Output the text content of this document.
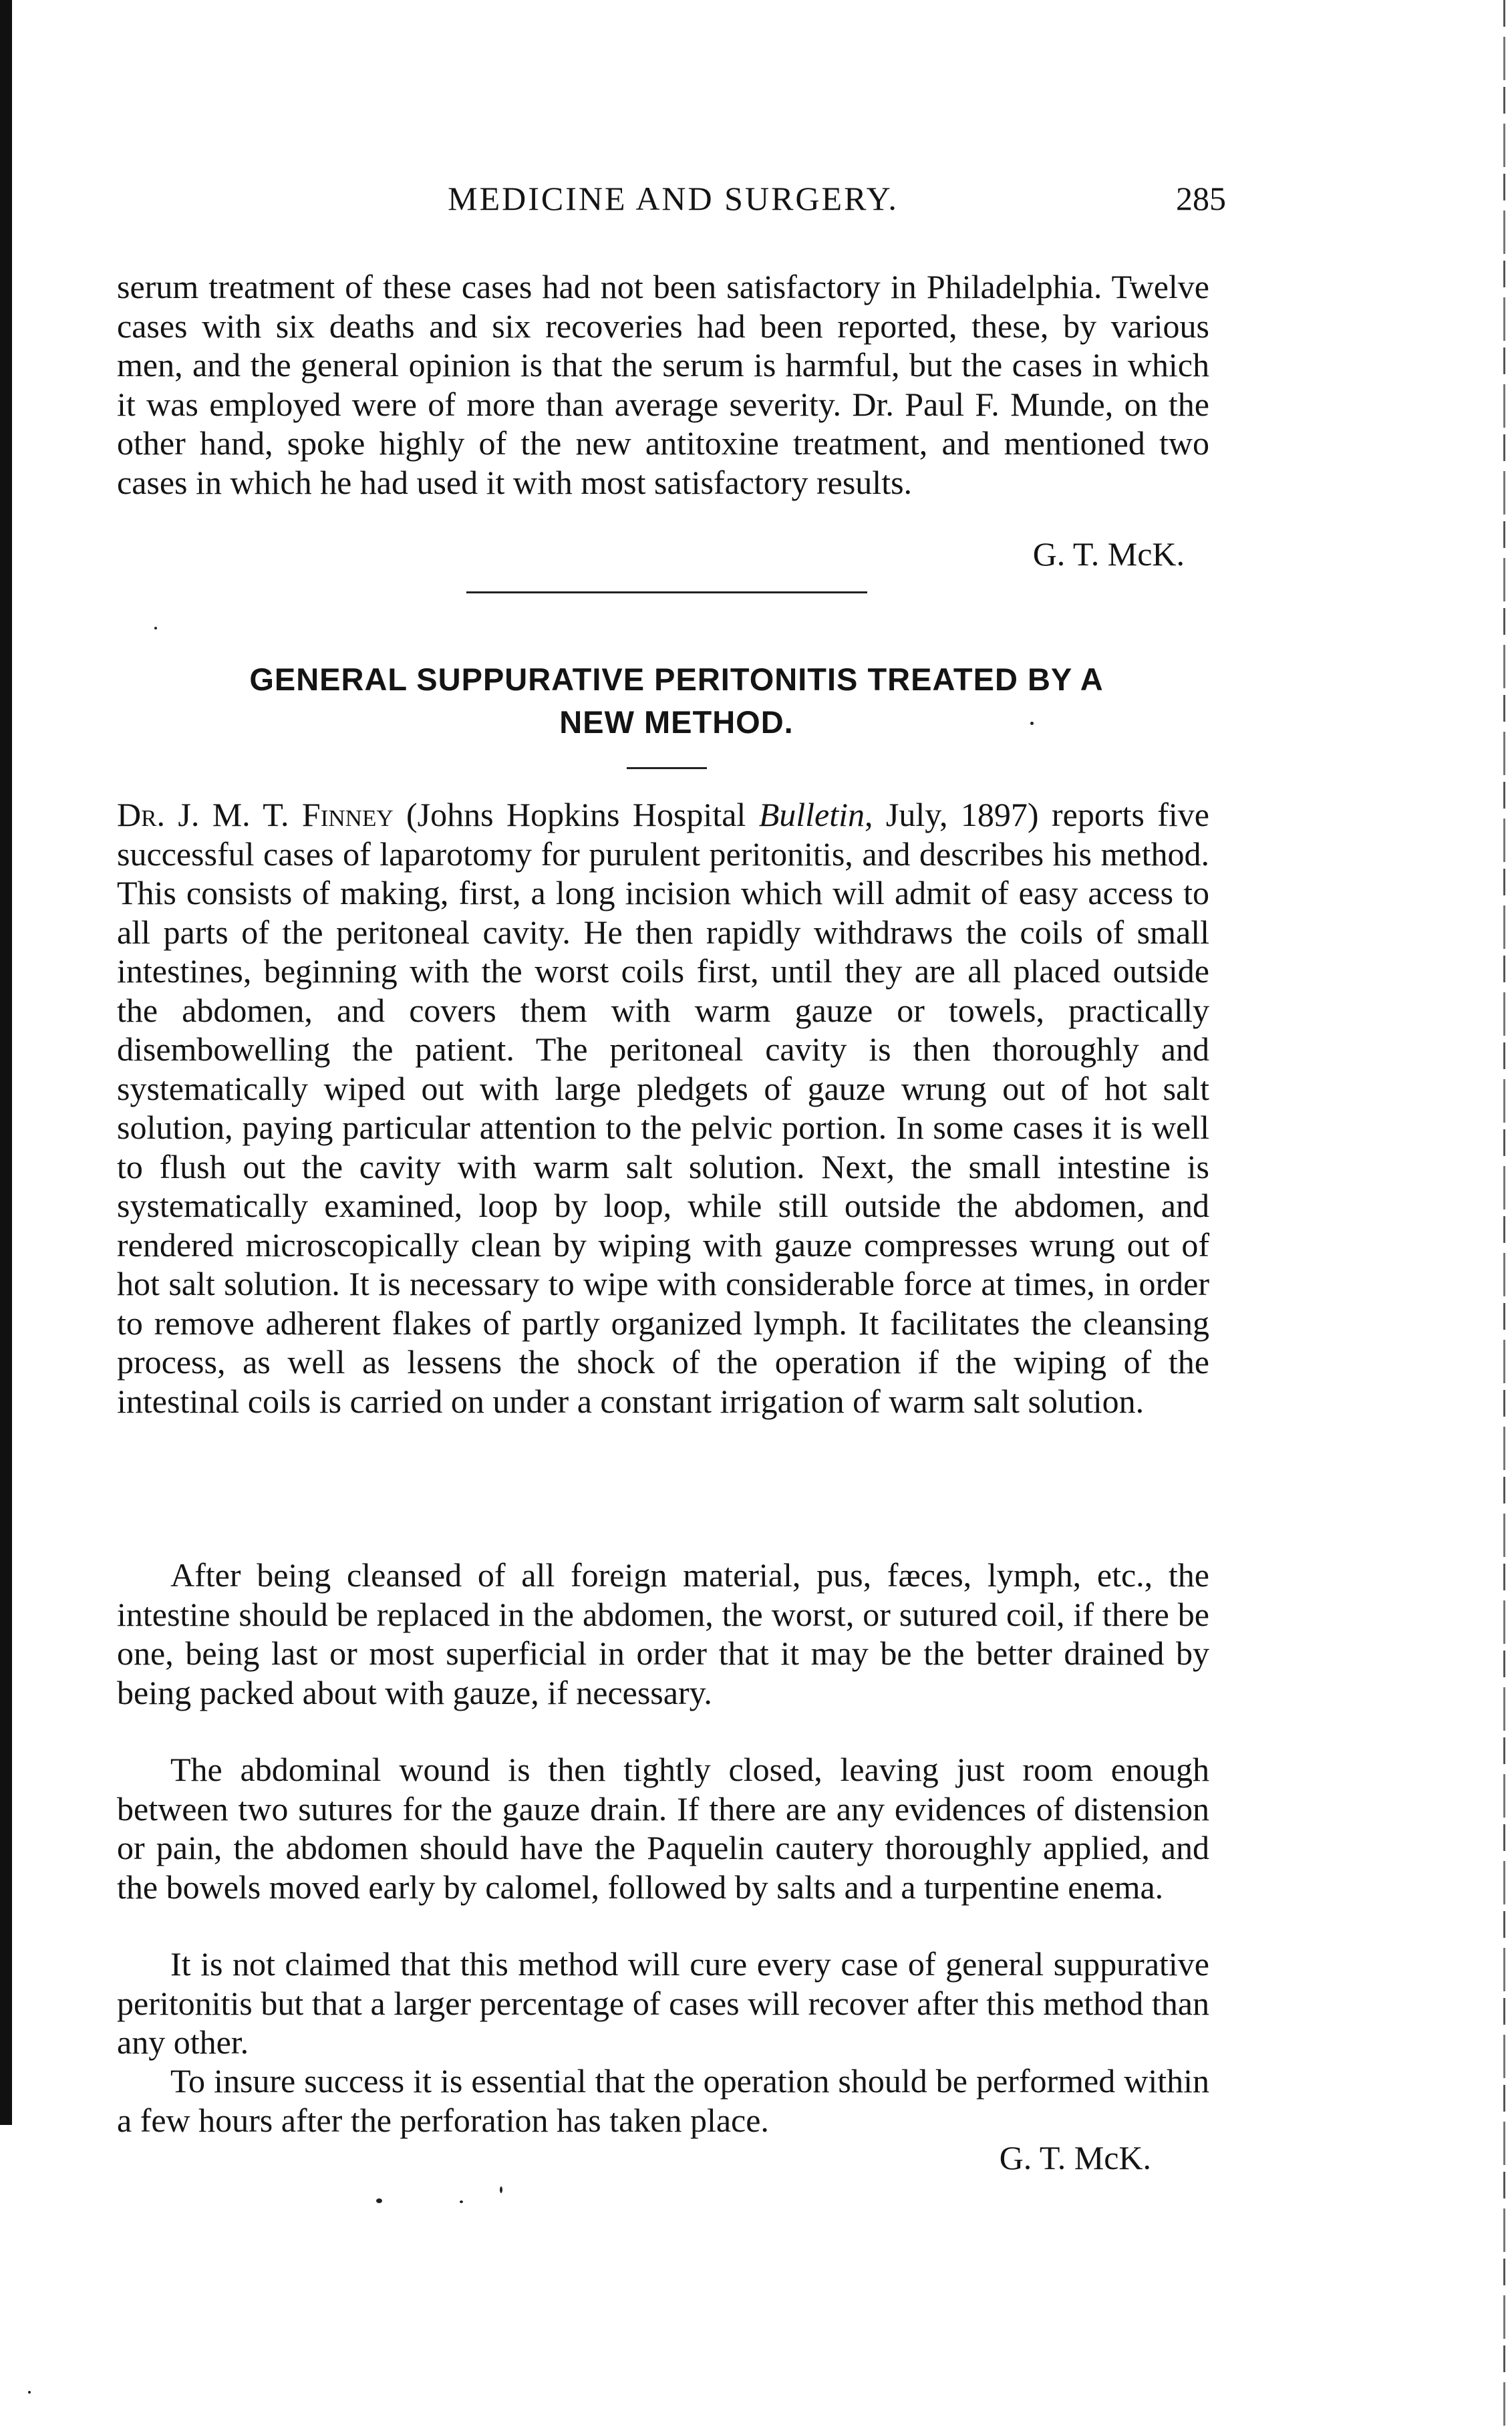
MEDICINE AND SURGERY.	285

serum treatment of these cases had not been satisfactory in Philadelphia. Twelve cases with six deaths and six recoveries had been reported, these, by various men, and the general opinion is that the serum is harmful, but the cases in which it was employed were of more than average severity. Dr. Paul F. Munde, on the other hand, spoke highly of the new antitoxine treatment, and mentioned two cases in which he had used it with most satisfactory results.

G. T. McK.
GENERAL SUPPURATIVE PERITONITIS TREATED BY A
NEW METHOD.

Dr. J. M. T. Finney (Johns Hopkins Hospital Bulletin, July, 1897) reports five successful cases of laparotomy for purulent peritonitis, and describes his method. This consists of making, first, a long incision which will admit of easy access to all parts of the peritoneal cavity. He then rapidly withdraws the coils of small intestines, beginning with the worst coils first, until they are all placed outside the abdomen, and covers them with warm gauze or towels, practically disembowelling the patient. The peritoneal cavity is then thoroughly and systematically wiped out with large pledgets of gauze wrung out of hot salt solution, paying particular attention to the pelvic portion. In some cases it is well to flush out the cavity with warm salt solution. Next, the small intestine is systematically examined, loop by loop, while still outside the abdomen, and rendered microscopically clean by wiping with gauze compresses wrung out of hot salt solution. It is necessary to wipe with considerable force at times, in order to remove adherent flakes of partly organized lymph. It facilitates the cleansing process, as well as lessens the shock of the operation if the wiping of the intestinal coils is carried on under a constant irrigation of warm salt solution.

After being cleansed of all foreign material, pus, fæces, lymph, etc., the intestine should be replaced in the abdomen, the worst, or sutured coil, if there be one, being last or most superficial in order that it may be the better drained by being packed about with gauze, if necessary.

The abdominal wound is then tightly closed, leaving just room enough between two sutures for the gauze drain. If there are any evidences of distension or pain, the abdomen should have the Paquelin cautery thoroughly applied, and the bowels moved early by calomel, followed by salts and a turpentine enema.

It is not claimed that this method will cure every case of general suppurative peritonitis but that a larger percentage of cases will recover after this method than any other.

To insure success it is essential that the operation should be performed within a few hours after the perforation has taken place.

G. T. McK.
